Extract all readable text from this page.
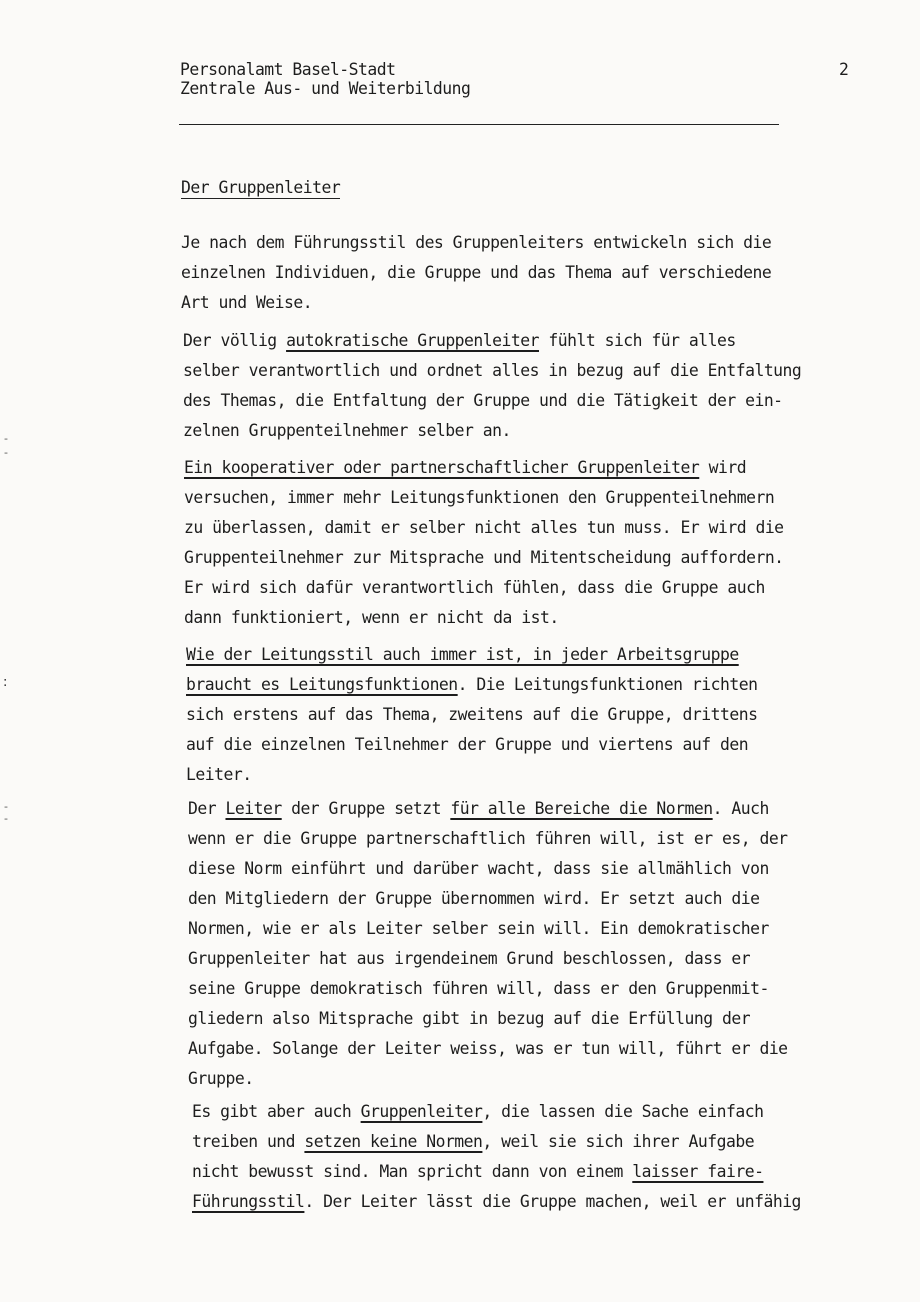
Personalamt Basel-Stadt
Zentrale Aus- und Weiterbildung
2
Der Gruppenleiter
Je nach dem Führungsstil des Gruppenleiters entwickeln sich die
einzelnen Individuen, die Gruppe und das Thema auf verschiedene
Art und Weise.
Der völlig autokratische Gruppenleiter fühlt sich für alles
selber verantwortlich und ordnet alles in bezug auf die Entfaltung
des Themas, die Entfaltung der Gruppe und die Tätigkeit der ein-
zelnen Gruppenteilnehmer selber an.
Ein kooperativer oder partnerschaftlicher Gruppenleiter wird
versuchen, immer mehr Leitungsfunktionen den Gruppenteilnehmern
zu überlassen, damit er selber nicht alles tun muss. Er wird die
Gruppenteilnehmer zur Mitsprache und Mitentscheidung auffordern.
Er wird sich dafür verantwortlich fühlen, dass die Gruppe auch
dann funktioniert, wenn er nicht da ist.
Wie der Leitungsstil auch immer ist, in jeder Arbeitsgruppe
braucht es Leitungsfunktionen. Die Leitungsfunktionen richten
sich erstens auf das Thema, zweitens auf die Gruppe, drittens
auf die einzelnen Teilnehmer der Gruppe und viertens auf den
Leiter.
Der Leiter der Gruppe setzt für alle Bereiche die Normen. Auch
wenn er die Gruppe partnerschaftlich führen will, ist er es, der
diese Norm einführt und darüber wacht, dass sie allmählich von
den Mitgliedern der Gruppe übernommen wird. Er setzt auch die
Normen, wie er als Leiter selber sein will. Ein demokratischer
Gruppenleiter hat aus irgendeinem Grund beschlossen, dass er
seine Gruppe demokratisch führen will, dass er den Gruppenmit-
gliedern also Mitsprache gibt in bezug auf die Erfüllung der
Aufgabe. Solange der Leiter weiss, was er tun will, führt er die
Gruppe.
Es gibt aber auch Gruppenleiter, die lassen die Sache einfach
treiben und setzen keine Normen, weil sie sich ihrer Aufgabe
nicht bewusst sind. Man spricht dann von einem laisser faire-
Führungsstil. Der Leiter lässt die Gruppe machen, weil er unfähig
‐
‐
:
-
-
